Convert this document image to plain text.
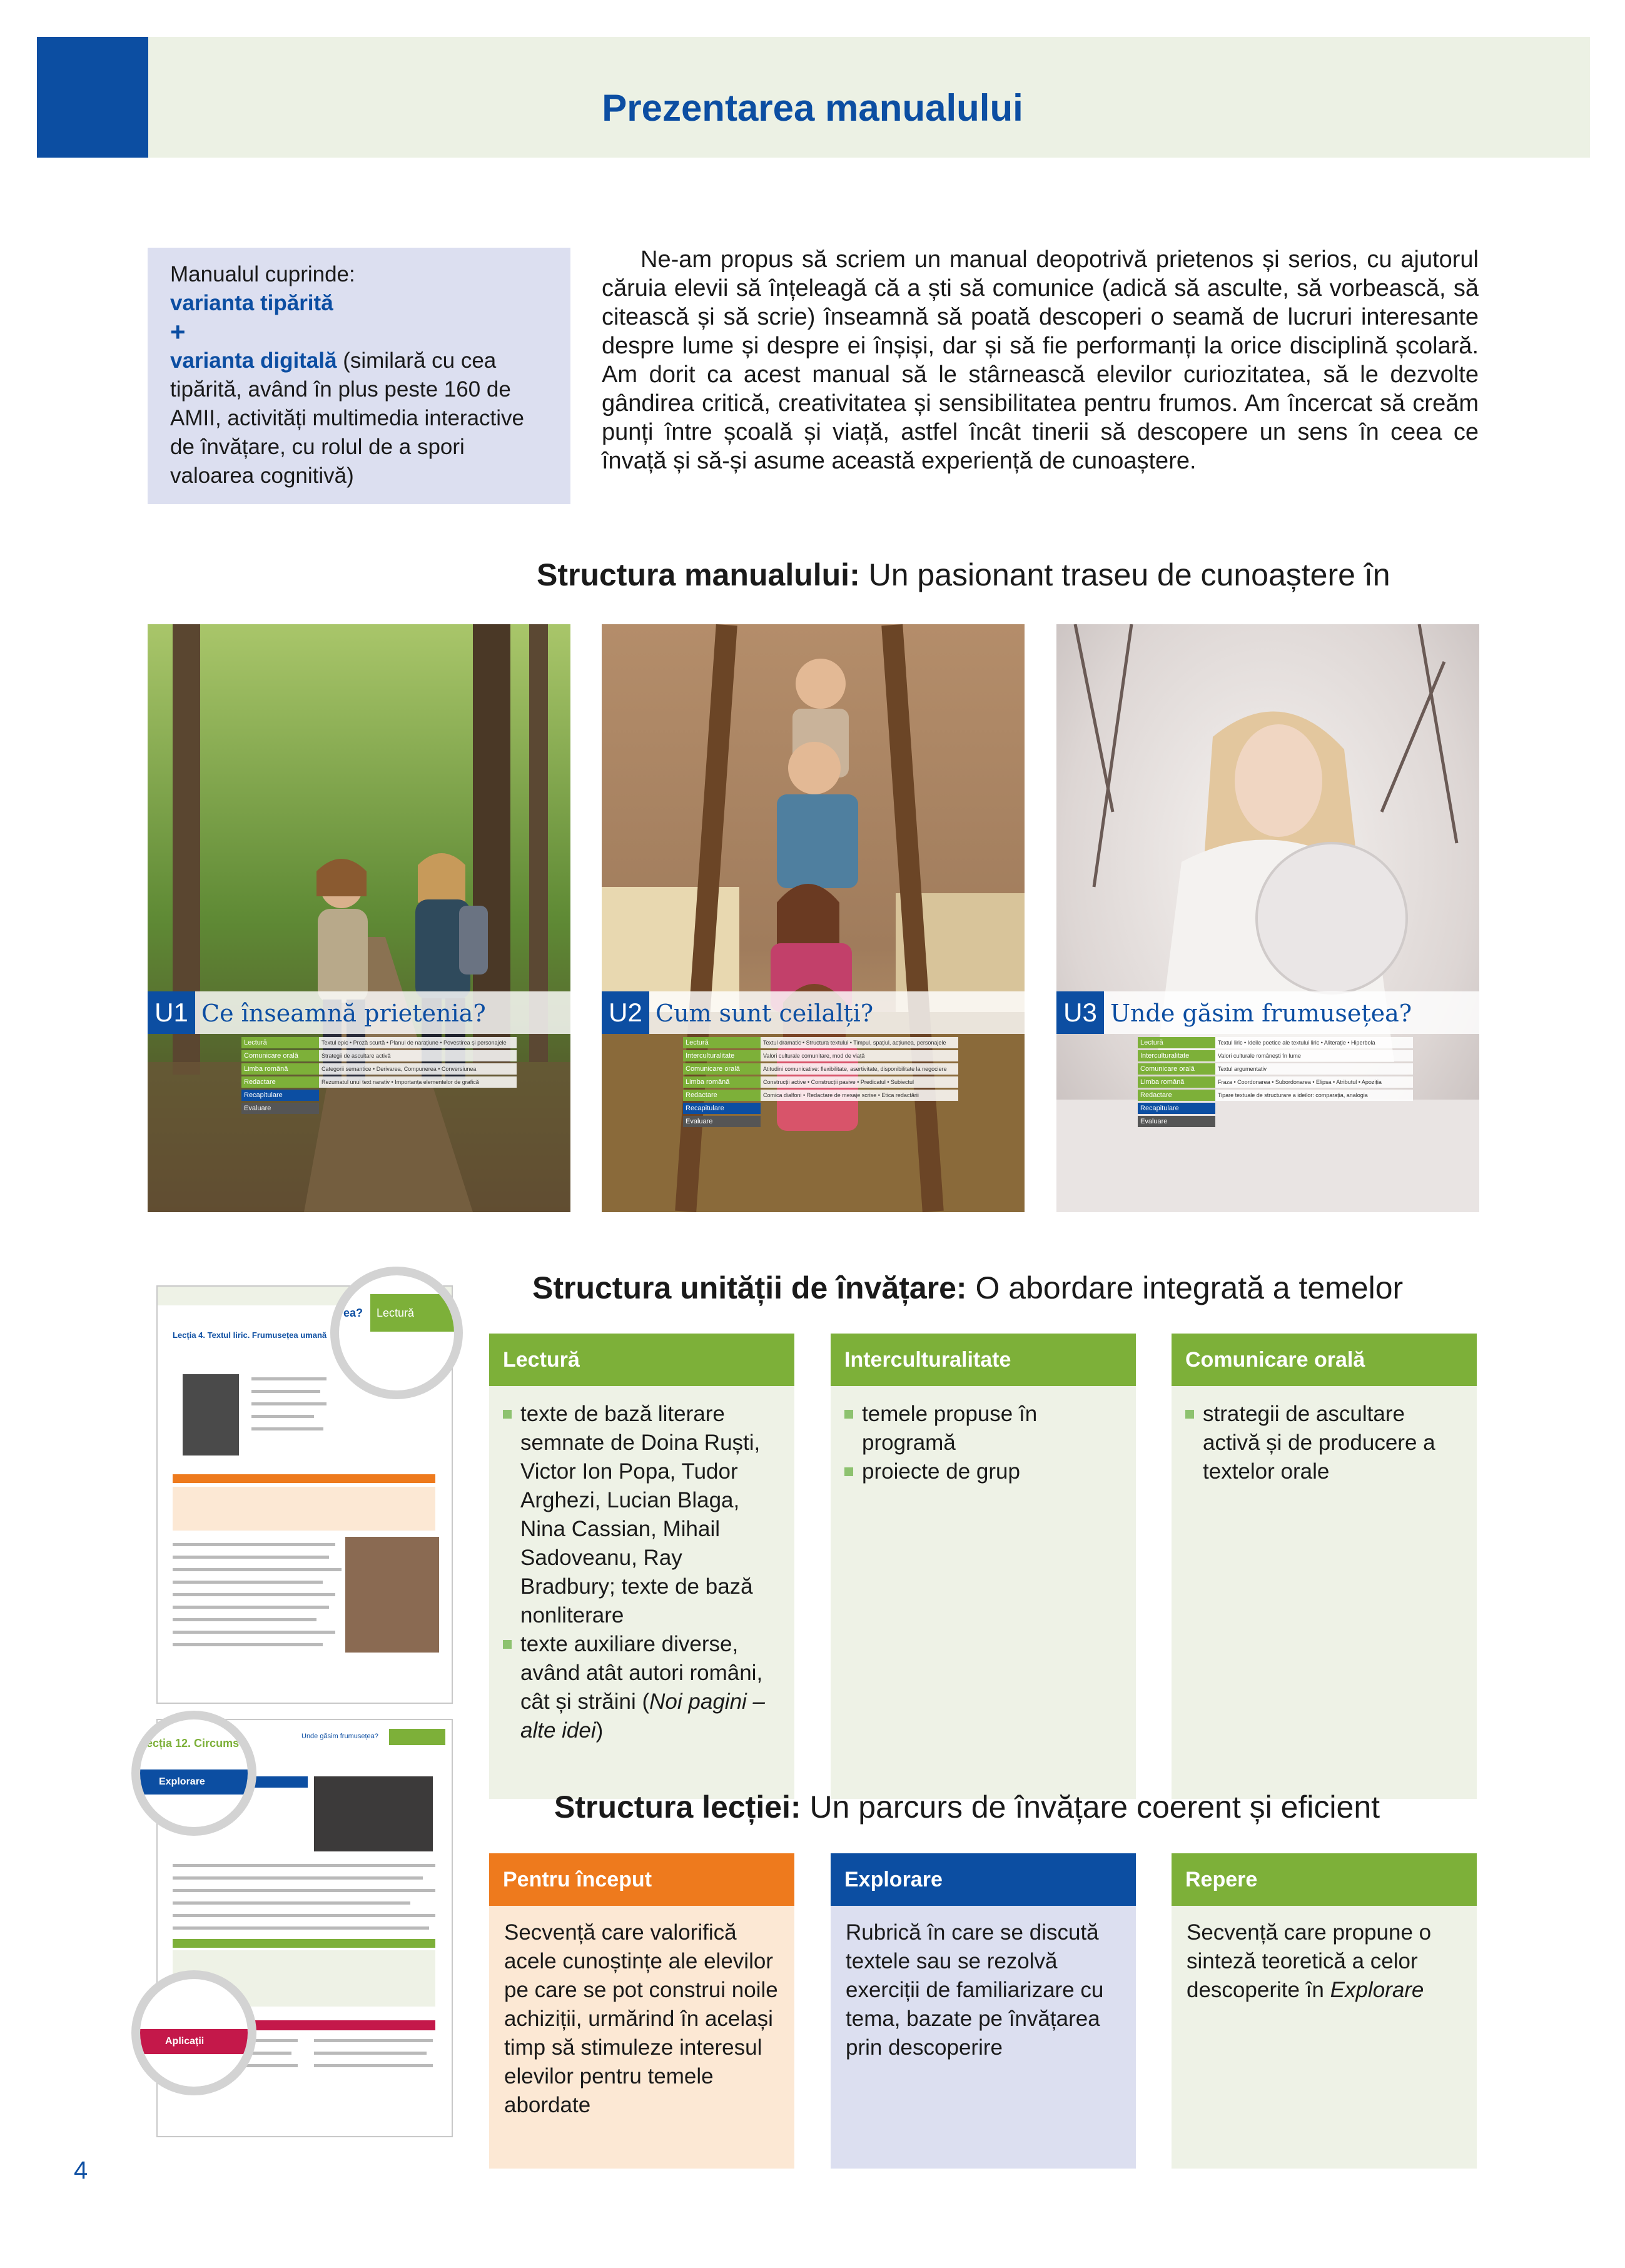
Prezentarea manualului
Manualul cuprinde:
varianta tipărită
+
varianta digitală (similară cu cea tipărită, având în plus peste 160 de AMII, activități multimedia interactive de învățare, cu rolul de a spori valoarea cognitivă)
Ne-am propus să scriem un manual deopotrivă prietenos și serios, cu ajutorul căruia elevii să înțeleagă că a ști să comunice (adică să asculte, să vorbească, să citească și să scrie) înseamnă să poată descoperi o seamă de lucruri interesante despre lume și despre ei înșiși, dar și să fie performanți la orice disciplină școlară. Am dorit ca acest manual să le stârnească elevilor curiozitatea, să le dezvolte gândirea critică, creativitatea și sensibilitatea pentru frumos. Am încercat să creăm punți între școală și viață, astfel încât tinerii să descopere un sens în ceea ce învață și să-și asume această experiență de cunoaștere.
Structura manualului: Un pasionant traseu de cunoaștere în
U1 Ce înseamnă prietenia?
Lectură	Textul epic • Proză scurtă • Planul de narațiune • Povestirea și personajele
Comunicare orală	Strategii de ascultare activă
Limba română	Categorii semantice • Derivarea, Compunerea • Conversiunea
Redactare	Rezumatul unui text narativ • Importanța elementelor de grafică
Recapitulare
Evaluare
U2 Cum sunt ceilalți?
Lectură	Textul dramatic • Structura textului • Timpul, spațiul, acțiunea, personajele
Interculturalitate	Valori culturale comunitare, mod de viață
Comunicare orală	Atitudini comunicative: flexibilitate, asertivitate, disponibilitate la negociere
Limba română	Construcții active • Construcții pasive • Predicatul • Subiectul
Redactare	Comica dialfoni • Redactare de mesaje scrise • Etica redactării
Recapitulare
Evaluare
U3 Unde găsim frumusețea?
Lectură	Textul liric • Ideile poetice ale textului liric • Aliterație • Hiperbola
Interculturalitate	Valori culturale românești în lume
Comunicare orală	Textul argumentativ
Limba română	Fraza • Coordonarea • Subordonarea • Elipsa • Atributul • Apoziția
Redactare	Tipare textuale de structurare a ideilor: comparația, analogia
Recapitulare
Evaluare
Lecția 4. Textul liric. Frumusețea umană
rea?	Lectură
Unde găsim frumusețea?
ecția 12. Circums
Explorare
Aplicații
Structura unității de învățare: O abordare integrată a temelor
Lectură
texte de bază literare semnate de Doina Ruști, Victor Ion Popa, Tudor Arghezi, Lucian Blaga, Nina Cassian, Mihail Sadoveanu, Ray Bradbury; texte de bază nonliterare
texte auxiliare diverse, având atât autori români, cât și străini (Noi pagini – alte idei)
Interculturalitate
temele propuse în programă
proiecte de grup
Comunicare orală
strategii de ascultare activă și de producere a textelor orale
Structura lecției: Un parcurs de învățare coerent și eficient
Pentru început
Secvență care valorifică acele cunoștințe ale elevilor pe care se pot construi noile achiziții, urmărind în același timp să stimuleze interesul elevilor pentru temele abordate
Explorare
Rubrică în care se discută textele sau se rezolvă exerciții de familiarizare cu tema, bazate pe învățarea prin descoperire
Repere
Secvență care propune o sinteză teoretică a celor descoperite în Explorare
4
